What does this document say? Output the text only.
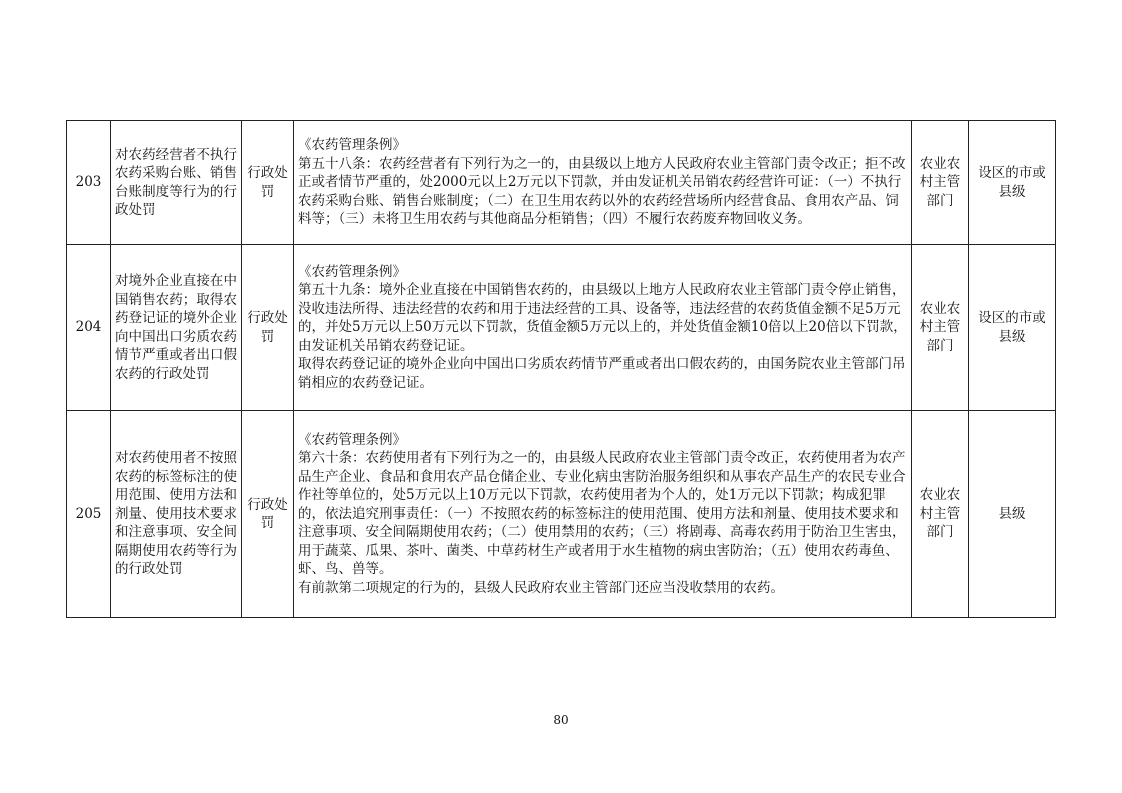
203	对农药经营者不执行农药采购台账、销售台账制度等行为的行政处罚	行政处罚	《农药管理条例》
第五十八条：农药经营者有下列行为之一的，由县级以上地方人民政府农业主管部门责令改正；拒不改正或者情节严重的，处2000元以上2万元以下罚款，并由发证机关吊销农药经营许可证：（一）不执行农药采购台账、销售台账制度；（二）在卫生用农药以外的农药经营场所内经营食品、食用农产品、饲料等；（三）未将卫生用农药与其他商品分柜销售；（四）不履行农药废弃物回收义务。	农业农村主管部门	设区的市或县级
204	对境外企业直接在中国销售农药；取得农药登记证的境外企业向中国出口劣质农药情节严重或者出口假农药的行政处罚	行政处罚	《农药管理条例》
第五十九条：境外企业直接在中国销售农药的，由县级以上地方人民政府农业主管部门责令停止销售，没收违法所得、违法经营的农药和用于违法经营的工具、设备等，违法经营的农药货值金额不足5万元的，并处5万元以上50万元以下罚款，货值金额5万元以上的，并处货值金额10倍以上20倍以下罚款，由发证机关吊销农药登记证。
取得农药登记证的境外企业向中国出口劣质农药情节严重或者出口假农药的，由国务院农业主管部门吊销相应的农药登记证。	农业农村主管部门	设区的市或县级
205	对农药使用者不按照农药的标签标注的使用范围、使用方法和剂量、使用技术要求和注意事项、安全间隔期使用农药等行为的行政处罚	行政处罚	《农药管理条例》
第六十条：农药使用者有下列行为之一的，由县级人民政府农业主管部门责令改正，农药使用者为农产品生产企业、食品和食用农产品仓储企业、专业化病虫害防治服务组织和从事农产品生产的农民专业合作社等单位的，处5万元以上10万元以下罚款，农药使用者为个人的，处1万元以下罚款；构成犯罪的，依法追究刑事责任：（一）不按照农药的标签标注的使用范围、使用方法和剂量、使用技术要求和注意事项、安全间隔期使用农药；（二）使用禁用的农药；（三）将剧毒、高毒农药用于防治卫生害虫，用于蔬菜、瓜果、茶叶、菌类、中草药材生产或者用于水生植物的病虫害防治；（五）使用农药毒鱼、虾、鸟、兽等。
有前款第二项规定的行为的，县级人民政府农业主管部门还应当没收禁用的农药。	农业农村主管部门	县级
80
